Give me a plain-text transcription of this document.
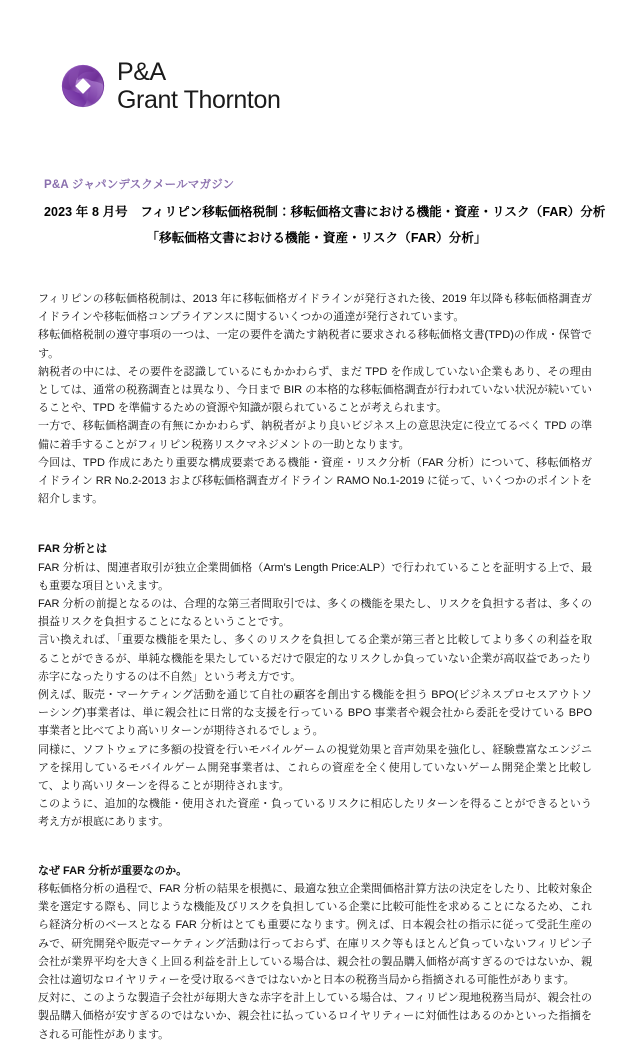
P&A
Grant Thornton

P&A ジャパンデスクメールマガジン

2023 年 8 月号　フィリピン移転価格税制：移転価格文書における機能・資産・リスク（FAR）分析

「移転価格文書における機能・資産・リスク（FAR）分析」

フィリピンの移転価格税制は、2013 年に移転価格ガイドラインが発行された後、2019 年以降も移転価格調査ガイドラインや移転価格コンプライアンスに関するいくつかの通達が発行されています。

移転価格税制の遵守事項の一つは、一定の要件を満たす納税者に要求される移転価格文書(TPD)の作成・保管です。

納税者の中には、その要件を認識しているにもかかわらず、まだ TPD を作成していない企業もあり、その理由としては、通常の税務調査とは異なり、今日まで BIR の本格的な移転価格調査が行われていない状況が続いていることや、TPD を準備するための資源や知識が限られていることが考えられます。

一方で、移転価格調査の有無にかかわらず、納税者がより良いビジネス上の意思決定に役立てるべく TPD の準備に着手することがフィリピン税務リスクマネジメントの一助となります。

今回は、TPD 作成にあたり重要な構成要素である機能・資産・リスク分析（FAR 分析）について、移転価格ガイドライン RR No.2-2013 および移転価格調査ガイドライン RAMO No.1-2019 に従って、いくつかのポイントを紹介します。

FAR 分析とは

FAR 分析は、関連者取引が独立企業間価格（Arm's Length Price:ALP）で行われていることを証明する上で、最も重要な項目といえます。

FAR 分析の前提となるのは、合理的な第三者間取引では、多くの機能を果たし、リスクを負担する者は、多くの損益リスクを負担することになるということです。

言い換えれば、「重要な機能を果たし、多くのリスクを負担してる企業が第三者と比較してより多くの利益を取ることができるが、単純な機能を果たしているだけで限定的なリスクしか負っていない企業が高収益であったり赤字になったりするのは不自然」という考え方です。

例えば、販売・マーケティング活動を通じて自社の顧客を創出する機能を担う BPO(ビジネスプロセスアウトソーシング)事業者は、単に親会社に日常的な支援を行っている BPO 事業者や親会社から委託を受けている BPO 事業者と比べてより高いリターンが期待されるでしょう。

同様に、ソフトウェアに多額の投資を行いモバイルゲームの視覚効果と音声効果を強化し、経験豊富なエンジニアを採用しているモバイルゲーム開発事業者は、これらの資産を全く使用していないゲーム開発企業と比較して、より高いリターンを得ることが期待されます。

このように、追加的な機能・使用された資産・負っているリスクに相応したリターンを得ることができるという考え方が根底にあります。

なぜ FAR 分析が重要なのか。

移転価格分析の過程で、FAR 分析の結果を根拠に、最適な独立企業間価格計算方法の決定をしたり、比較対象企業を選定する際も、同じような機能及びリスクを負担している企業に比較可能性を求めることになるため、これら経済分析のベースとなる FAR 分析はとても重要になります。例えば、日本親会社の指示に従って受託生産のみで、研究開発や販売マーケティング活動は行っておらず、在庫リスク等もほとんど負っていないフィリピン子会社が業界平均を大きく上回る利益を計上している場合は、親会社の製品購入価格が高すぎるのではないか、親会社は適切なロイヤリティーを受け取るべきではないかと日本の税務当局から指摘される可能性があります。

反対に、このような製造子会社が毎期大きな赤字を計上している場合は、フィリピン現地税務当局が、親会社の製品購入価格が安すぎるのではないか、親会社に払っているロイヤリティーに対価性はあるのかといった指摘をされる可能性があります。
